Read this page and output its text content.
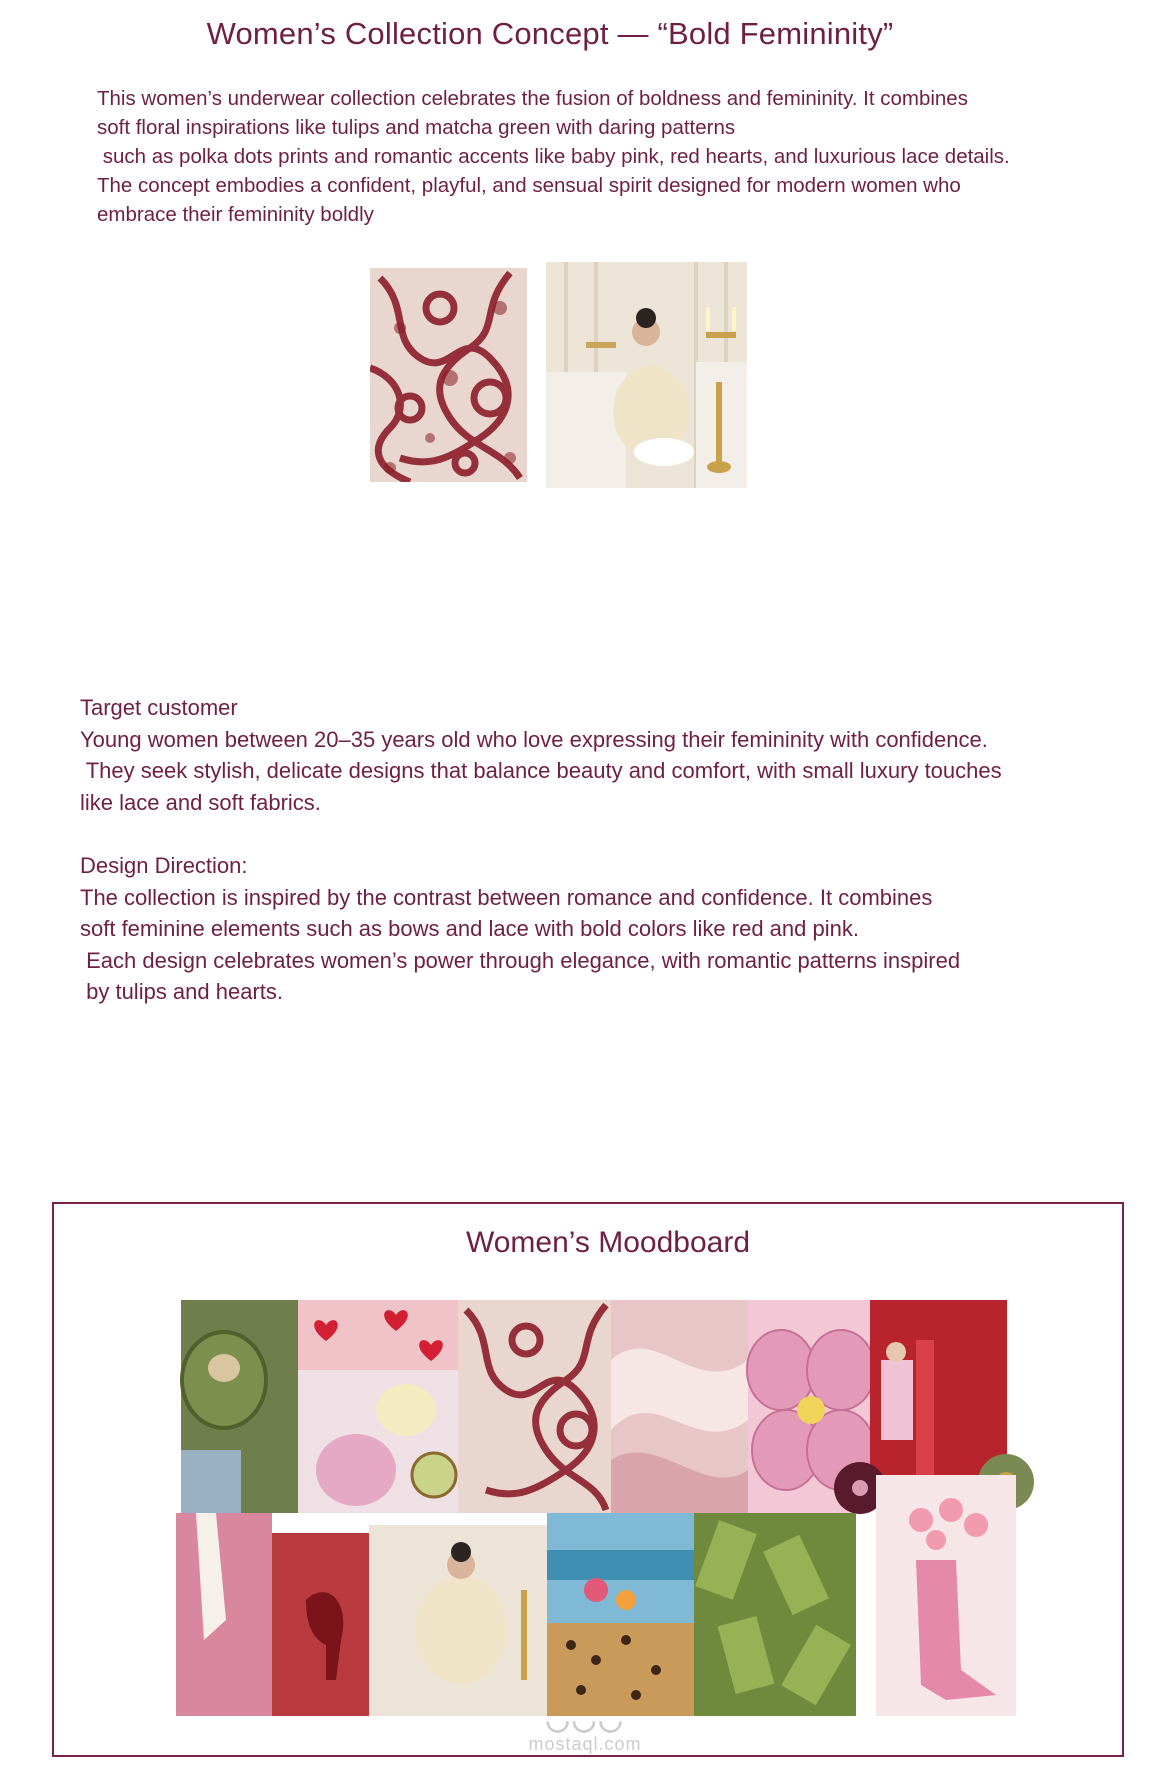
Women’s Collection Concept — “Bold Femininity”

This women’s underwear collection celebrates the fusion of boldness and femininity. It combines

soft floral inspirations like tulips and matcha green with daring patterns

such as polka dots prints and romantic accents like baby pink, red hearts, and luxurious lace details.

The concept embodies a confident, playful, and sensual spirit designed for modern women who

embrace their femininity boldly

Target customer

Young women between 20–35 years old who love expressing their femininity with confidence.

They seek stylish, delicate designs that balance beauty and comfort, with small luxury touches

like lace and soft fabrics.

Design Direction:

The collection is inspired by the contrast between romance and confidence. It combines

soft feminine elements such as bows and lace with bold colors like red and pink.

Each design celebrates women’s power through elegance, with romantic patterns inspired

by tulips and hearts.

Women’s Moodboard
◡◡◡
mostaql.com
